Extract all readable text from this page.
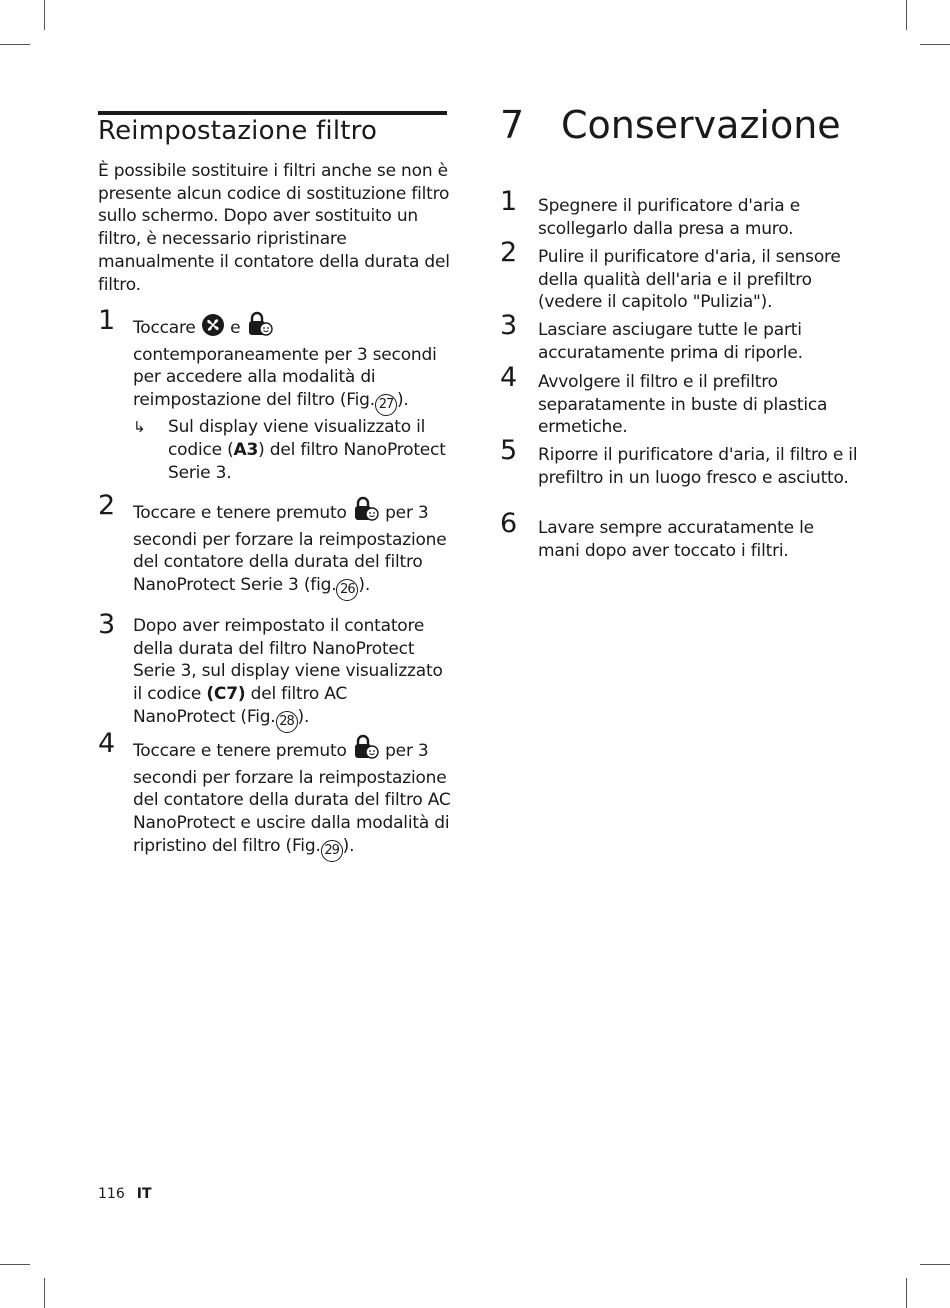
Reimpostazione filtro

È possibile sostituire i filtri anche se non è presente alcun codice di sostituzione filtro sullo schermo. Dopo aver sostituito un filtro, è necessario ripristinare manualmente il contatore della durata del filtro.

1 Toccare e  contemporaneamente per 3 secondi per accedere alla modalità di reimpostazione del filtro (Fig. 27 ).
↳ Sul display viene visualizzato il codice (A3) del filtro NanoProtect Serie 3.
2 Toccare e tenere premuto per 3 secondi per forzare la reimpostazione del contatore della durata del filtro NanoProtect Serie 3 (fig. 26 ).
3 Dopo aver reimpostato il contatore della durata del filtro NanoProtect Serie 3, sul display viene visualizzato il codice (C7) del filtro AC NanoProtect (Fig. 28 ).
4 Toccare e tenere premuto per 3 secondi per forzare la reimpostazione del contatore della durata del filtro AC NanoProtect e uscire dalla modalità di ripristino del filtro (Fig. 29 ).
7 Conservazione
1 Spegnere il purificatore d'aria e scollegarlo dalla presa a muro.

2 Pulire il purificatore d'aria, il sensore della qualità dell'aria e il prefiltro (vedere il capitolo "Pulizia").

3 Lasciare asciugare tutte le parti accuratamente prima di riporle.

4 Avvolgere il filtro e il prefiltro separatamente in buste di plastica ermetiche.

5 Riporre il purificatore d'aria, il filtro e il prefiltro in un luogo fresco e asciutto.

6 Lavare sempre accuratamente le mani dopo aver toccato i filtri.

116 IT
